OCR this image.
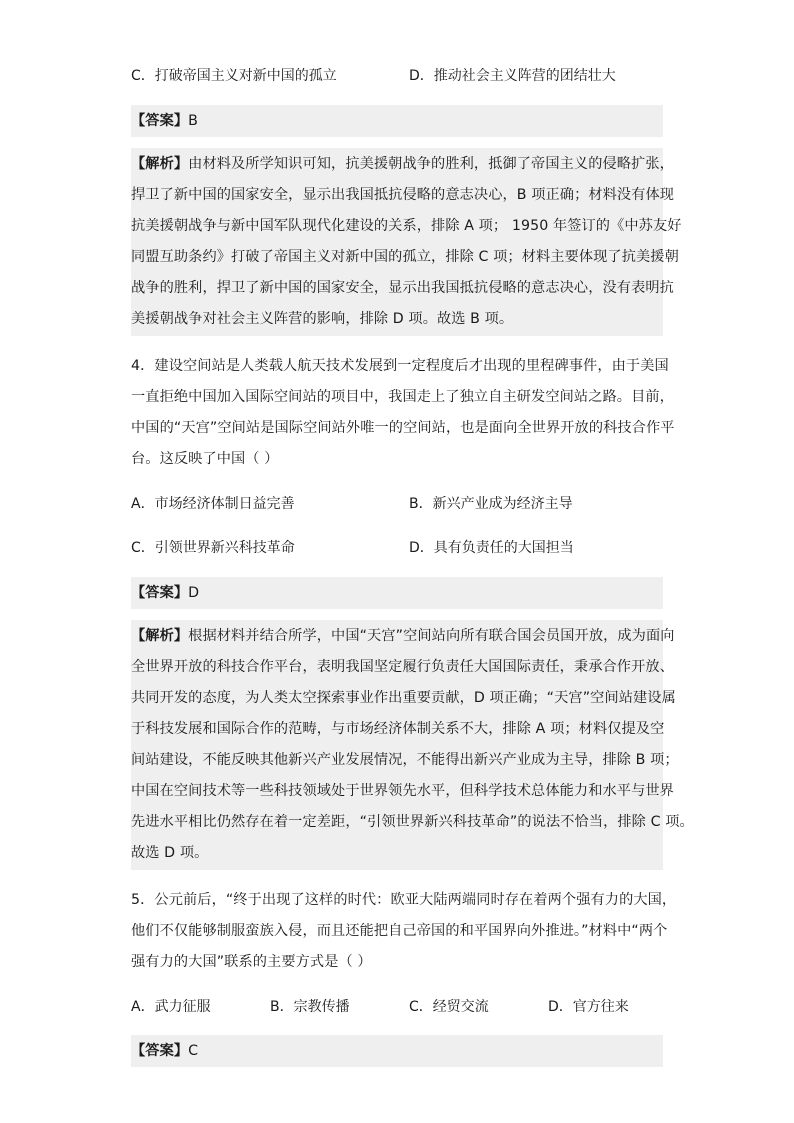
C．打破帝国主义对新中国的孤立	D．推动社会主义阵营的团结壮大
【答案】B
【解析】由材料及所学知识可知，抗美援朝战争的胜利，抵御了帝国主义的侵略扩张，
捍卫了新中国的国家安全，显示出我国抵抗侵略的意志决心，B 项正确；材料没有体现
抗美援朝战争与新中国军队现代化建设的关系，排除 A 项； 1950 年签订的《中苏友好
同盟互助条约》打破了帝国主义对新中国的孤立，排除 C 项；材料主要体现了抗美援朝
战争的胜利，捍卫了新中国的国家安全，显示出我国抵抗侵略的意志决心，没有表明抗
美援朝战争对社会主义阵营的影响，排除 D 项。故选 B 项。
4．建设空间站是人类载人航天技术发展到一定程度后才出现的里程碑事件，由于美国
一直拒绝中国加入国际空间站的项目中，我国走上了独立自主研发空间站之路。目前，
中国的“天宫”空间站是国际空间站外唯一的空间站，也是面向全世界开放的科技合作平
台。这反映了中国（ ）
A．市场经济体制日益完善	B．新兴产业成为经济主导
C．引领世界新兴科技革命	D．具有负责任的大国担当
【答案】D
【解析】根据材料并结合所学，中国“天宫”空间站向所有联合国会员国开放，成为面向
全世界开放的科技合作平台，表明我国坚定履行负责任大国国际责任，秉承合作开放、
共同开发的态度，为人类太空探索事业作出重要贡献，D 项正确；“天宫”空间站建设属
于科技发展和国际合作的范畴，与市场经济体制关系不大，排除 A 项；材料仅提及空
间站建设，不能反映其他新兴产业发展情况，不能得出新兴产业成为主导，排除 B 项；
中国在空间技术等一些科技领域处于世界领先水平，但科学技术总体能力和水平与世界
先进水平相比仍然存在着一定差距，“引领世界新兴科技革命”的说法不恰当，排除 C 项。
故选 D 项。
5．公元前后，“终于出现了这样的时代：欧亚大陆两端同时存在着两个强有力的大国，
他们不仅能够制服蛮族入侵，而且还能把自己帝国的和平国界向外推进。”材料中“两个
强有力的大国”联系的主要方式是（ ）
A．武力征服	B．宗教传播	C．经贸交流	D．官方往来
【答案】C
